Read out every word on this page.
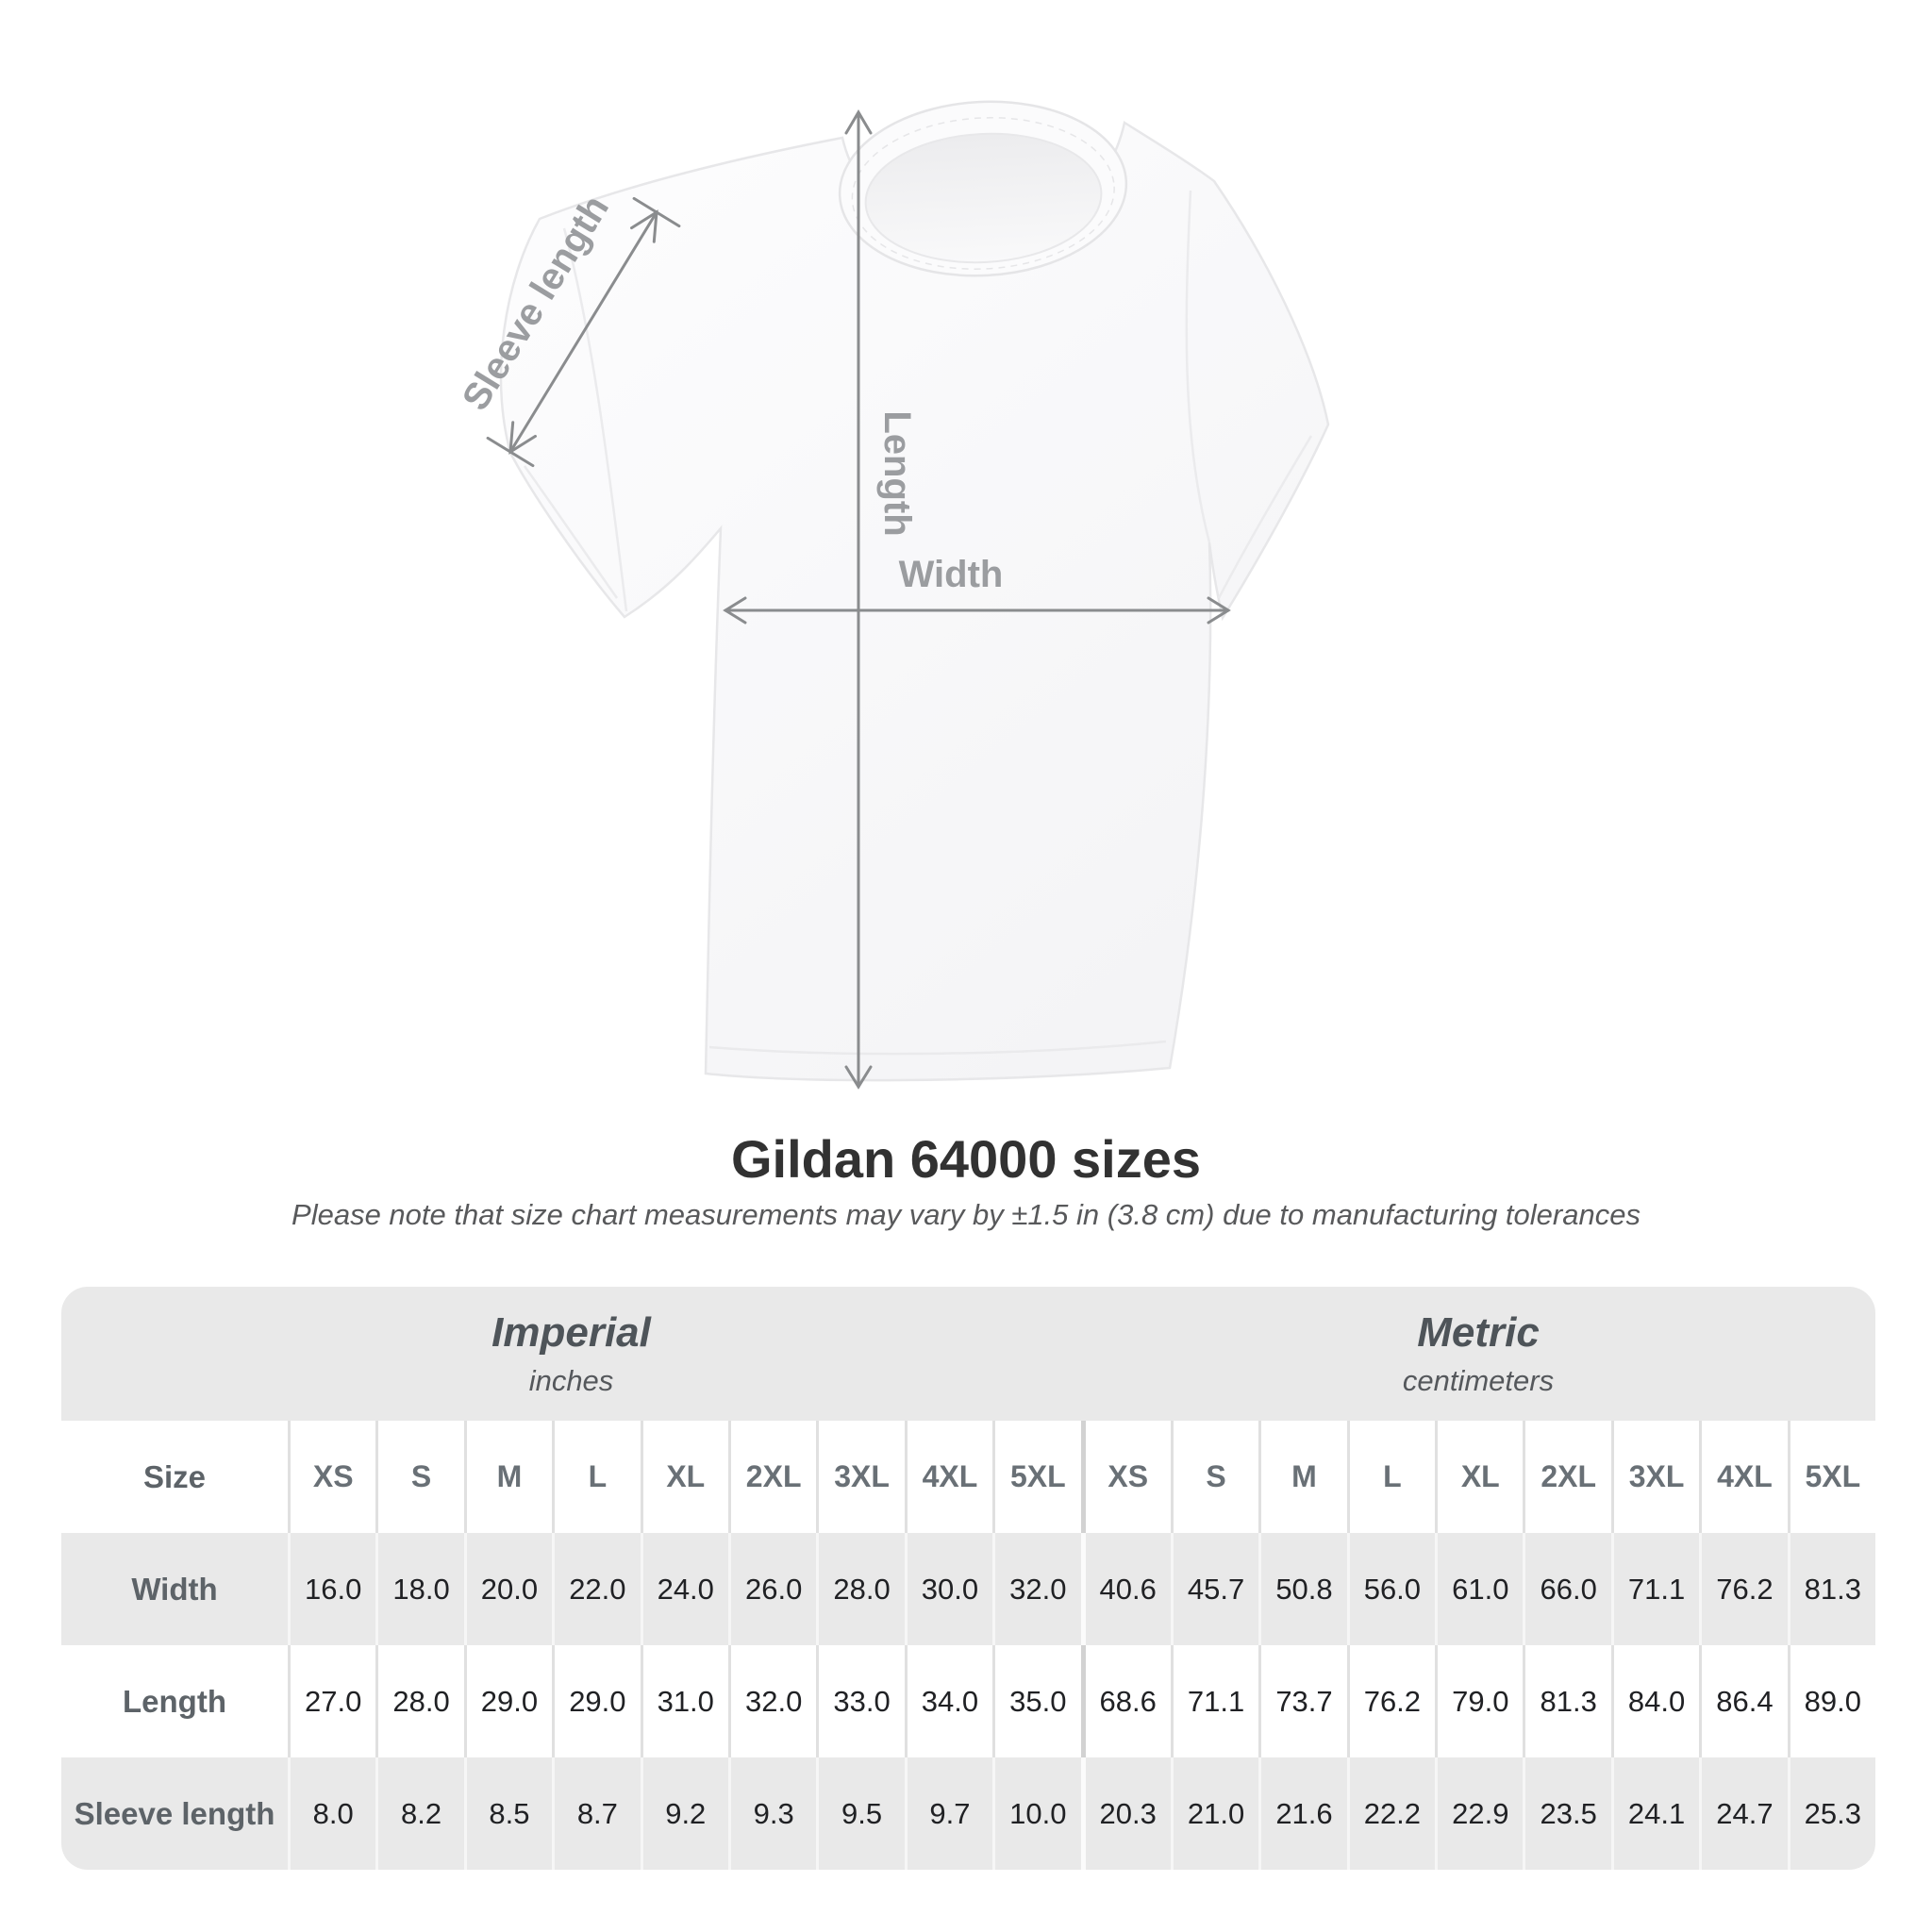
Sleeve length
Length
Width
Gildan 64000 sizes
Please note that size chart measurements may vary by ±1.5 in (3.8 cm) due to manufacturing tolerances
Imperial
inches
Metric
centimeters
Size	XS	S	M	L	XL	2XL	3XL	4XL	5XL	XS	S	M	L	XL	2XL	3XL	4XL	5XL
Width	16.0	18.0	20.0	22.0	24.0	26.0	28.0	30.0	32.0	40.6	45.7	50.8	56.0	61.0	66.0	71.1	76.2	81.3
Length	27.0	28.0	29.0	29.0	31.0	32.0	33.0	34.0	35.0	68.6	71.1	73.7	76.2	79.0	81.3	84.0	86.4	89.0
Sleeve length	8.0	8.2	8.5	8.7	9.2	9.3	9.5	9.7	10.0	20.3	21.0	21.6	22.2	22.9	23.5	24.1	24.7	25.3
